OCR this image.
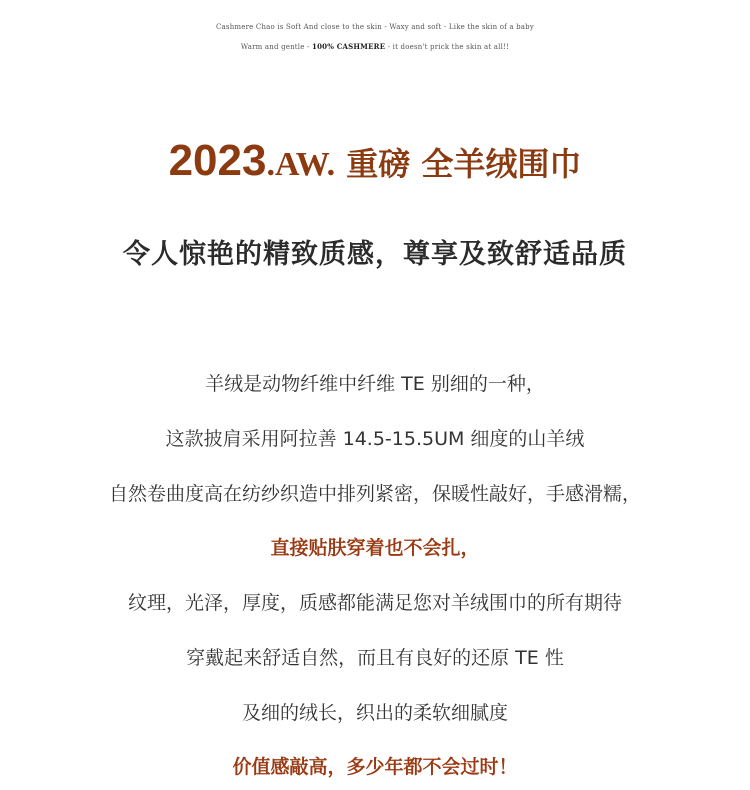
Cashmere Chao is Soft And close to the skin - Waxy and soft - Like the skin of a baby
Warm and gentle - 100% CASHMERE - it doesn't prick the skin at all!!
2023.AW. 重磅 全羊绒围巾
令人惊艳的精致质感，尊享及致舒适品质
羊绒是动物纤维中纤维 TE 别细的一种，
这款披肩采用阿拉善 14.5-15.5UM 细度的山羊绒
自然卷曲度高在纺纱织造中排列紧密，保暖性敲好，手感滑糯，
直接贴肤穿着也不会扎，
纹理，光泽，厚度，质感都能满足您对羊绒围巾的所有期待
穿戴起来舒适自然，而且有良好的还原 TE 性
及细的绒长，织出的柔软细腻度
价值感敲高，多少年都不会过时！
